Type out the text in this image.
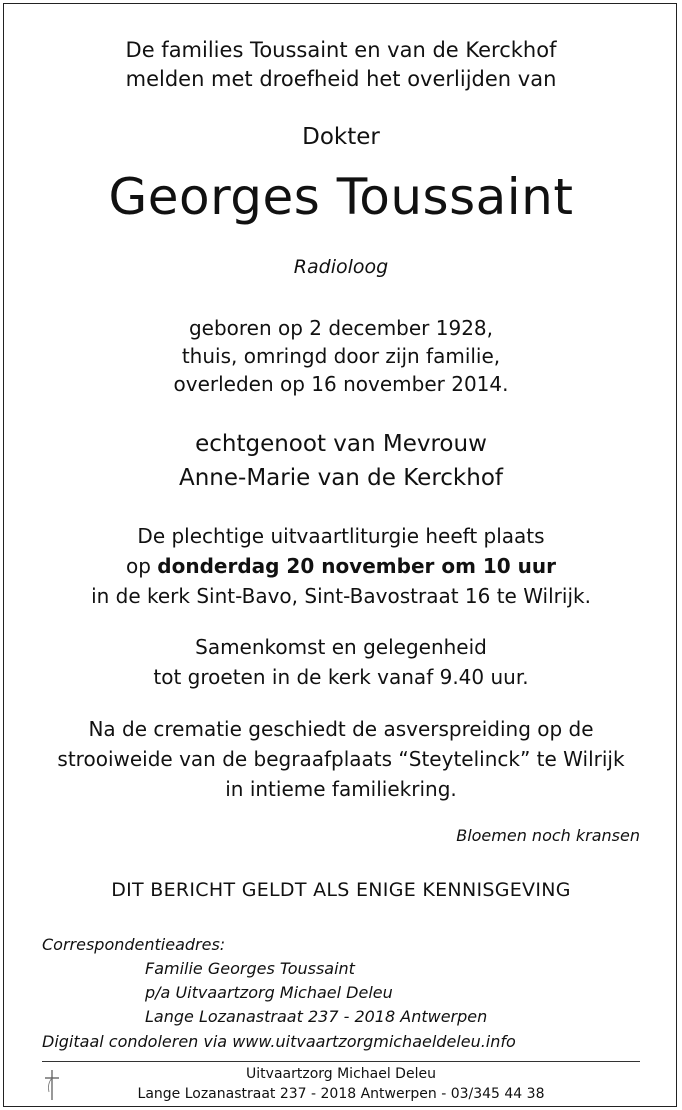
De families Toussaint en van de Kerckhof
melden met droefheid het overlijden van
Dokter
Georges Toussaint
Radioloog
geboren op 2 december 1928,
thuis, omringd door zijn familie,
overleden op 16 november 2014.
echtgenoot van Mevrouw
Anne-Marie van de Kerckhof
De plechtige uitvaartliturgie heeft plaats
op donderdag 20 november om 10 uur
in de kerk Sint-Bavo, Sint-Bavostraat 16 te Wilrijk.
Samenkomst en gelegenheid
tot groeten in de kerk vanaf 9.40 uur.
Na de crematie geschiedt de asverspreiding op de
strooiweide van de begraafplaats “Steytelinck” te Wilrijk
in intieme familiekring.
Bloemen noch kransen
DIT BERICHT GELDT ALS ENIGE KENNISGEVING
Correspondentieadres:
Familie Georges Toussaint
p/a Uitvaartzorg Michael Deleu
Lange Lozanastraat 237 - 2018 Antwerpen
Digitaal condoleren via www.uitvaartzorgmichaeldeleu.info
Uitvaartzorg Michael Deleu
Lange Lozanastraat 237 - 2018 Antwerpen - 03/345 44 38
